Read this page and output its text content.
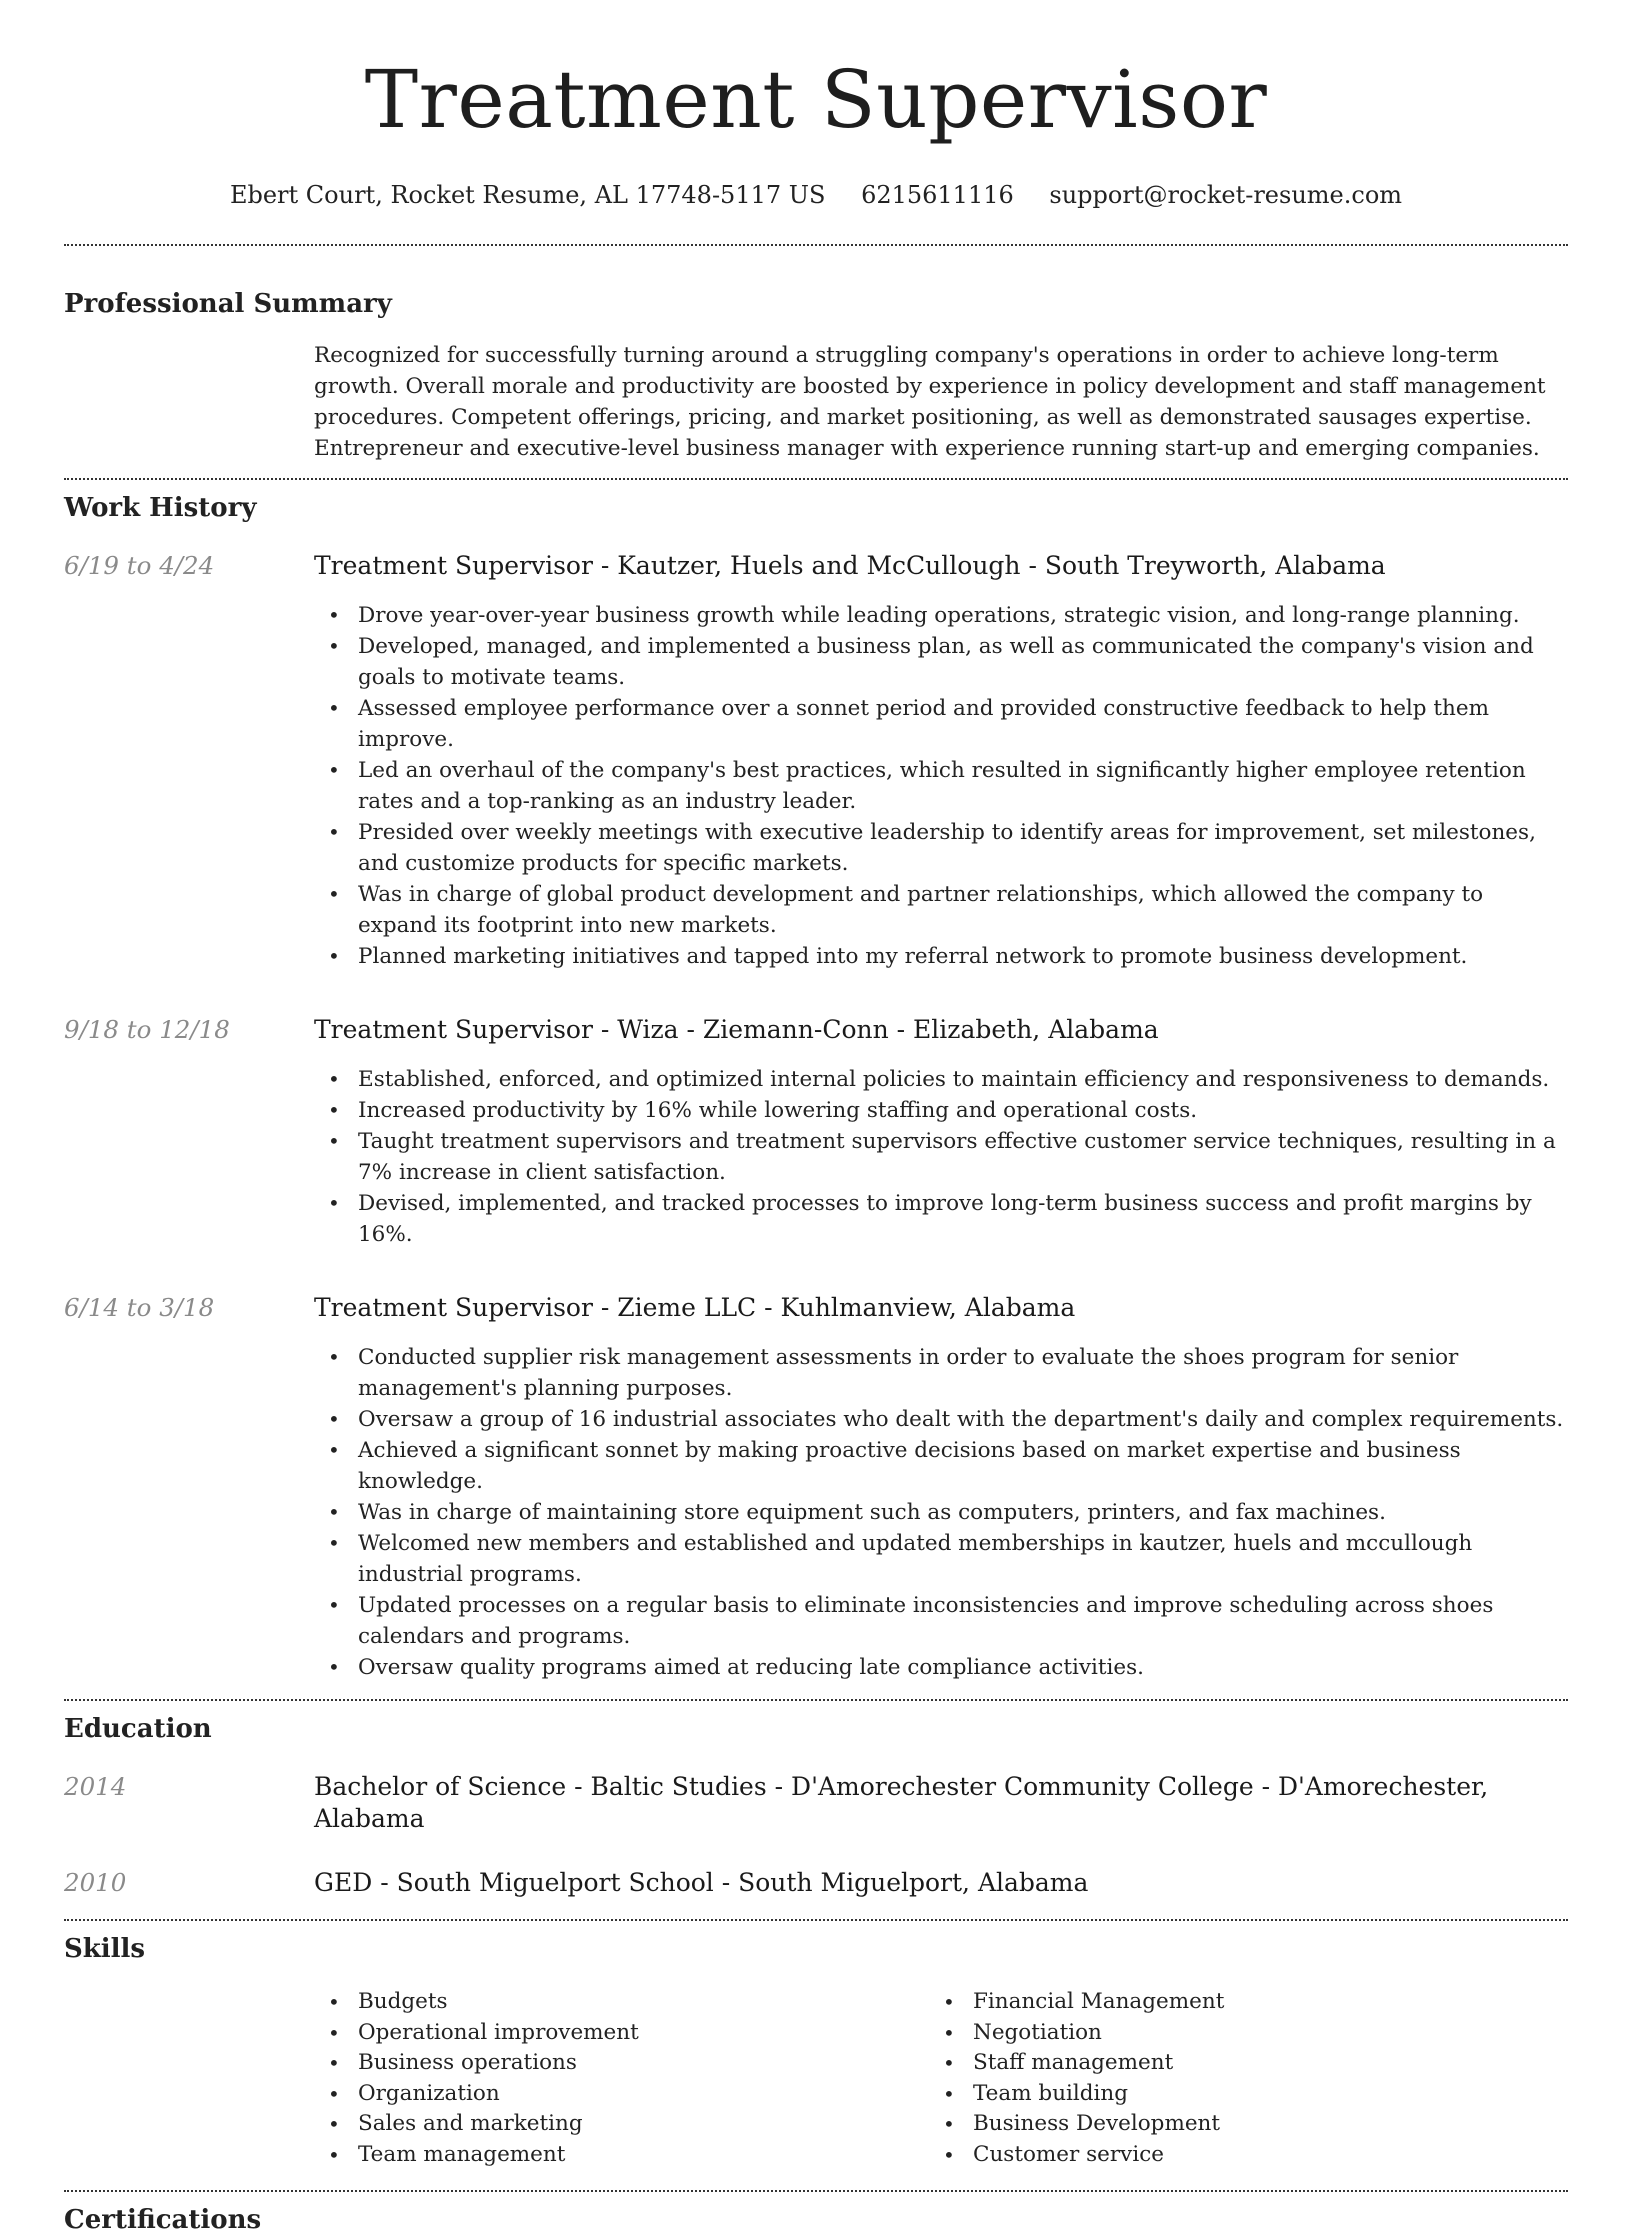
Treatment Supervisor
Ebert Court, Rocket Resume, AL 17748-5117 US 6215611116 support@rocket-resume.com
Professional Summary
Recognized for successfully turning around a struggling company's operations in order to achieve long-term growth. Overall morale and productivity are boosted by experience in policy development and staff management procedures. Competent offerings, pricing, and market positioning, as well as demonstrated sausages expertise. Entrepreneur and executive-level business manager with experience running start-up and emerging companies.
Work History
6/19 to 4/24	Treatment Supervisor - Kautzer, Huels and McCullough - South Treyworth, Alabama
• Drove year-over-year business growth while leading operations, strategic vision, and long-range planning.
• Developed, managed, and implemented a business plan, as well as communicated the company's vision and goals to motivate teams.
• Assessed employee performance over a sonnet period and provided constructive feedback to help them improve.
• Led an overhaul of the company's best practices, which resulted in significantly higher employee retention rates and a top-ranking as an industry leader.
• Presided over weekly meetings with executive leadership to identify areas for improvement, set milestones, and customize products for specific markets.
• Was in charge of global product development and partner relationships, which allowed the company to expand its footprint into new markets.
• Planned marketing initiatives and tapped into my referral network to promote business development.
9/18 to 12/18	Treatment Supervisor - Wiza - Ziemann-Conn - Elizabeth, Alabama
• Established, enforced, and optimized internal policies to maintain efficiency and responsiveness to demands.
• Increased productivity by 16% while lowering staffing and operational costs.
• Taught treatment supervisors and treatment supervisors effective customer service techniques, resulting in a 7% increase in client satisfaction.
• Devised, implemented, and tracked processes to improve long-term business success and profit margins by 16%.
6/14 to 3/18	Treatment Supervisor - Zieme LLC - Kuhlmanview, Alabama
• Conducted supplier risk management assessments in order to evaluate the shoes program for senior management's planning purposes.
• Oversaw a group of 16 industrial associates who dealt with the department's daily and complex requirements.
• Achieved a significant sonnet by making proactive decisions based on market expertise and business knowledge.
• Was in charge of maintaining store equipment such as computers, printers, and fax machines.
• Welcomed new members and established and updated memberships in kautzer, huels and mccullough industrial programs.
• Updated processes on a regular basis to eliminate inconsistencies and improve scheduling across shoes calendars and programs.
• Oversaw quality programs aimed at reducing late compliance activities.
Education
2014	Bachelor of Science - Baltic Studies - D'Amorechester Community College - D'Amorechester, Alabama
2010	GED - South Miguelport School - South Miguelport, Alabama
Skills
• Budgets
• Operational improvement
• Business operations
• Organization
• Sales and marketing
• Team management
• Financial Management
• Negotiation
• Staff management
• Team building
• Business Development
• Customer service
Certifications
